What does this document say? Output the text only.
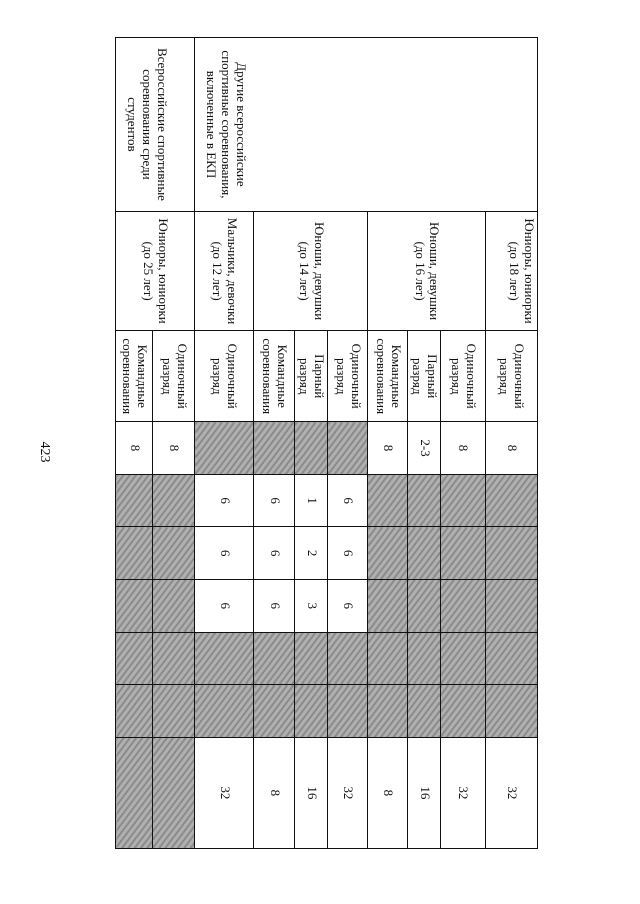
423
Другие всероссийские спортивные соревнования, включенные в ЕКП	Юниоры, юниорки (до 18 лет)	Одиночный разряд	8						32
	Юноши, девушки (до 16 лет)	Одиночный разряд	8						32
		Парный разряд	2-3						16
		Командные соревнования	8						8
	Юноши, девушки (до 14 лет)	Одиночный разряд		6	6	6			32
		Парный разряд		1	2	3			16
		Командные соревнования		6	6	6			8
	Мальчики, девочки (до 12 лет)	Одиночный разряд		6	6	6			32
Всероссийские спортивные соревнования среди студентов	Юниоры, юниорки (до 25 лет)	Одиночный разряд	8						
		Командные соревнования	8						
